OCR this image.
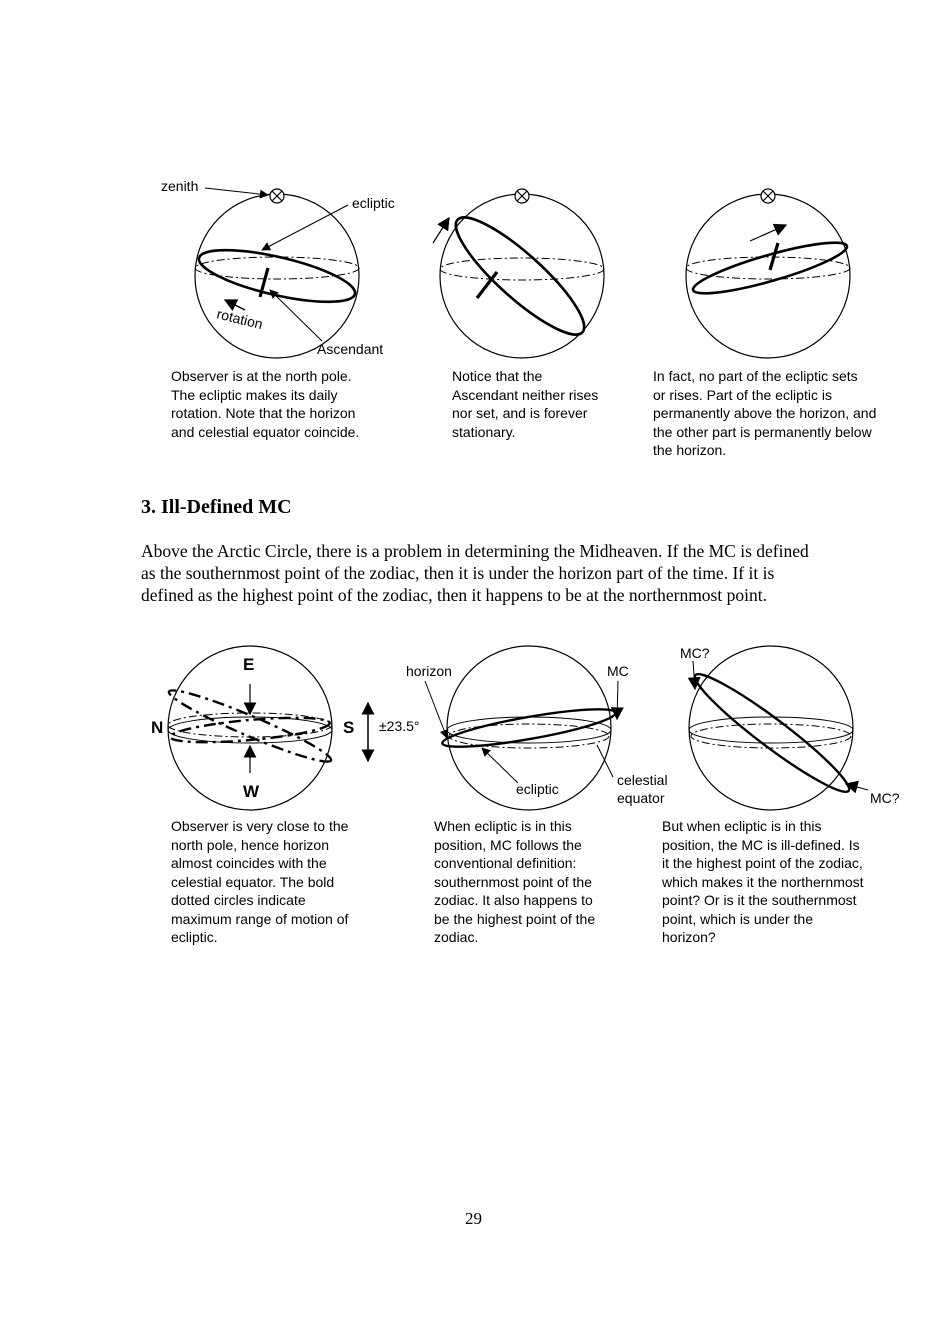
zenith
ecliptic
rotation
Ascendant
E
N	S
W
±23.5°
horizon	MC
ecliptic
celestial
equator
MC?
MC?
Observer is at the north pole.
The ecliptic makes its daily
rotation. Note that the horizon
and celestial equator coincide.
Notice that the
Ascendant neither rises
nor set, and is forever
stationary.
In fact, no part of the ecliptic sets
or rises. Part of the ecliptic is
permanently above the horizon, and
the other part is permanently below
the horizon.
3. Ill-Defined MC
Above the Arctic Circle, there is a problem in determining the Midheaven. If the MC is defined as the southernmost point of the zodiac, then it is under the horizon part of the time. If it is defined as the highest point of the zodiac, then it happens to be at the northernmost point.
Observer is very close to the
north pole, hence horizon
almost coincides with the
celestial equator. The bold
dotted circles indicate
maximum range of motion of
ecliptic.
When ecliptic is in this
position, MC follows the
conventional definition:
southernmost point of the
zodiac. It also happens to
be the highest point of the
zodiac.
But when ecliptic is in this
position, the MC is ill-defined. Is
it the highest point of the zodiac,
which makes it the northernmost
point? Or is it the southernmost
point, which is under the
horizon?
29
